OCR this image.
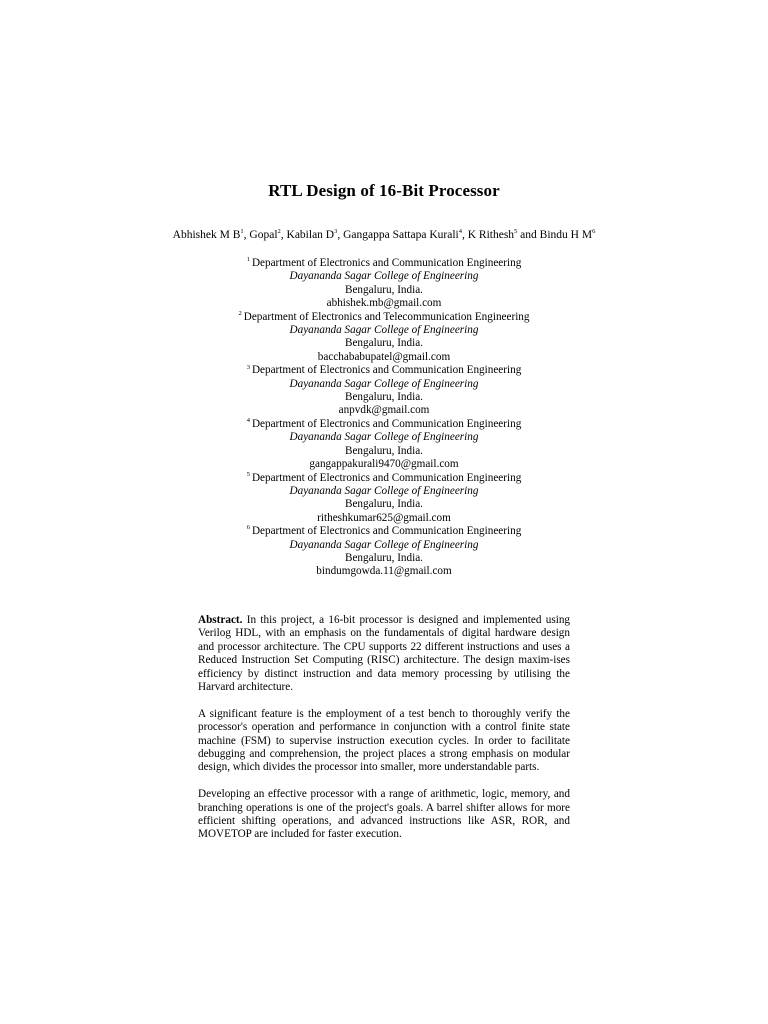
RTL Design of 16-Bit Processor
Abhishek M $B^1$, Gopal$^2$, Kabilan $D^3$, Gangappa Sattapa Kurali$^4$, K Rithesh$^5$ and Bindu H $M^6$
$^1$ Department of Electronics and Communication Engineering
Dayananda Sagar College of Engineering
Bengaluru, India.
abhishek.mb@gmail.com
$^2$ Department of Electronics and Telecommunication Engineering
Dayananda Sagar College of Engineering
Bengaluru, India.
bacchababupatel@gmail.com
$^3$ Department of Electronics and Communication Engineering
Dayananda Sagar College of Engineering
Bengaluru, India.
anpvdk@gmail.com
$^4$ Department of Electronics and Communication Engineering
Dayananda Sagar College of Engineering
Bengaluru, India.
gangappakurali9470@gmail.com
$^5$ Department of Electronics and Communication Engineering
Dayananda Sagar College of Engineering
Bengaluru, India.
ritheshkumar625@gmail.com
$^6$ Department of Electronics and Communication Engineering
Dayananda Sagar College of Engineering
Bengaluru, India.
bindumgowda.11@gmail.com

Abstract. In this project, a 16-bit processor is designed and implemented using Verilog HDL, with an emphasis on the fundamentals of digital hardware design and processor architecture. The CPU supports 22 different instructions and uses a Reduced Instruction Set Computing (RISC) architecture. The design maxim-ises efficiency by distinct instruction and data memory processing by utilising the Harvard architecture.

A significant feature is the employment of a test bench to thoroughly verify the processor's operation and performance in conjunction with a control finite state machine (FSM) to supervise instruction execution cycles. In order to facilitate debugging and comprehension, the project places a strong emphasis on modular design, which divides the processor into smaller, more understandable parts.

Developing an effective processor with a range of arithmetic, logic, memory, and branching operations is one of the project's goals. A barrel shifter allows for more efficient shifting operations, and advanced instructions like ASR, ROR, and MOVETOP are included for faster execution.
